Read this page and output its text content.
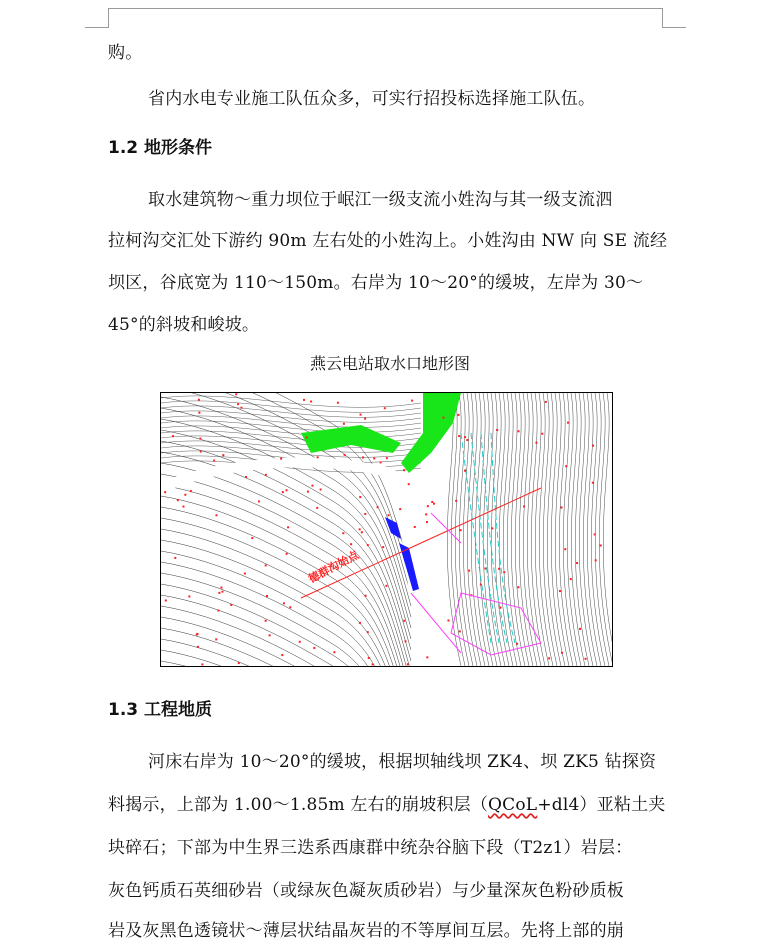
购。
省内水电专业施工队伍众多，可实行招投标选择施工队伍。
1.2 地形条件
取水建筑物～重力坝位于岷江一级支流小姓沟与其一级支流泗
拉柯沟交汇处下游约 90m 左右处的小姓沟上。小姓沟由 NW 向 SE 流经
坝区，谷底宽为 110～150m。右岸为 10～20°的缓坡，左岸为 30～
45°的斜坡和峻坡。
燕云电站取水口地形图
德群沟始点
1.3 工程地质
河床右岸为 10～20°的缓坡，根据坝轴线坝 ZK4、坝 ZK5 钻探资
料揭示，上部为 1.00～1.85m 左右的崩坡积层（QCoL+dl4）亚粘土夹
块碎石；下部为中生界三迭系西康群中统杂谷脑下段（T2z1）岩层：
灰色钙质石英细砂岩（或绿灰色凝灰质砂岩）与少量深灰色粉砂质板
岩及灰黑色透镜状～薄层状结晶灰岩的不等厚间互层。先将上部的崩
